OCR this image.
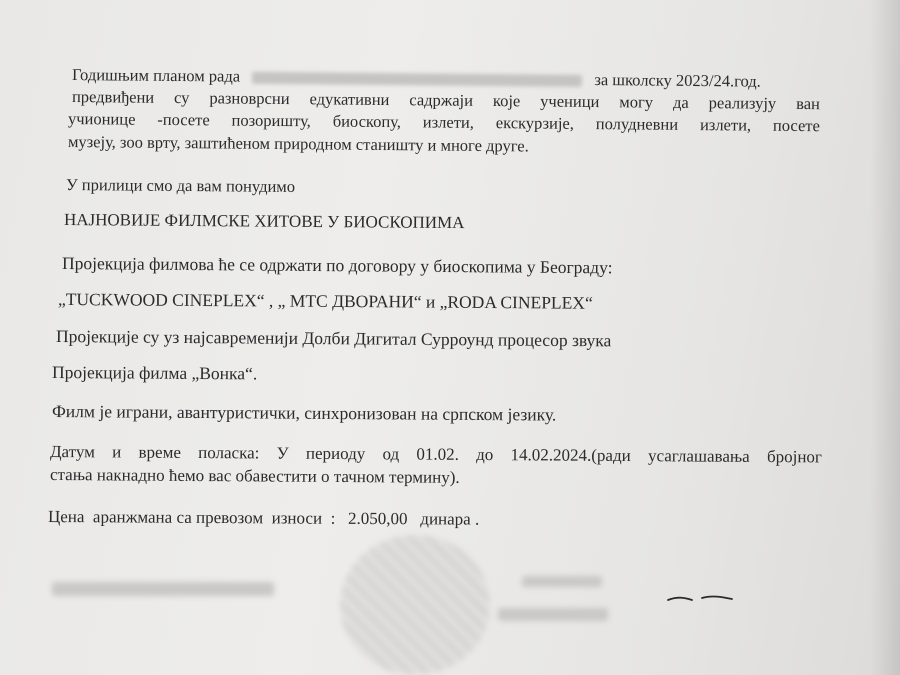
Годишњим планом рада	за школску 2023/24.год.
предвиђени су разноврсни едукативни садржаји које ученици могу да реализују ван
учионице -посете позоришту, биоскопу, излети, екскурзије, полудневни излети, посете
музеју, зоо врту, заштићеном природном станишту и многе друге.
У прилици смо да вам понудимо
НАЈНОВИЈЕ ФИЛМСКЕ ХИТОВЕ У БИОСКОПИМА
Пројекција филмова ће се одржати по договору у биоскопима у Београду:
„TUCKWOOD CINEPLEX“ , „ МТС ДВОРАНИ“ и „RODA CINEPLEX“
Пројекције су уз најсавременији Долби Дигитал Сурроунд процесор звука
Пројекција филма „Вонка“.
Филм је играни, авантуристички, синхронизован на српском језику.
Датум и време поласка: У периоду од 01.02. до 14.02.2024.(ради усаглашавања бројног
стања накнадно ћемо вас обавестити о тачном термину).
Цена  аранжмана са превозом  износи  :   2.050,00   динара .
